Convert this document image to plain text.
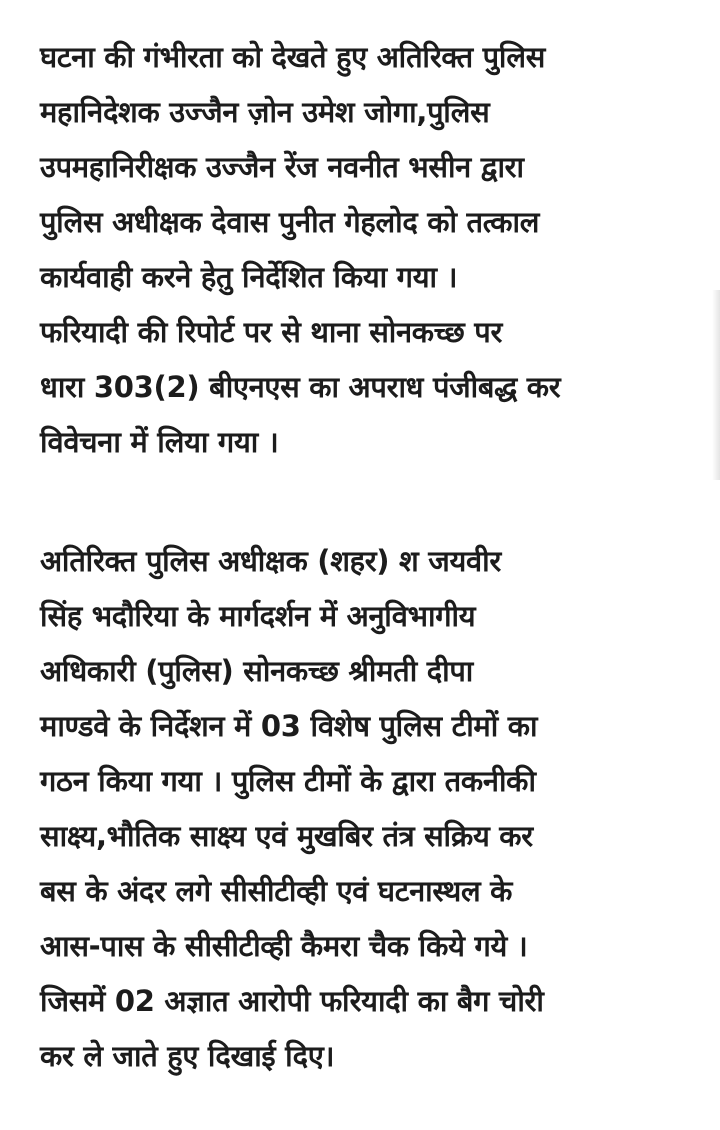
घटना की गंभीरता को देखते हुए अतिरिक्त पुलिस
महानिदेशक उज्जैन ज़ोन उमेश जोगा,पुलिस
उपमहानिरीक्षक उज्जैन रेंज नवनीत भसीन द्वारा
पुलिस अधीक्षक देवास पुनीत गेहलोद को तत्काल
कार्यवाही करने हेतु निर्देशित किया गया ।
फरियादी की रिपोर्ट पर से थाना सोनकच्छ पर
धारा 303(2) बीएनएस का अपराध पंजीबद्ध कर
विवेचना में लिया गया ।

अतिरिक्त पुलिस अधीक्षक (शहर) श जयवीर
सिंह भदौरिया के मार्गदर्शन में अनुविभागीय
अधिकारी (पुलिस) सोनकच्छ श्रीमती दीपा
माण्डवे के निर्देशन में 03 विशेष पुलिस टीमों का
गठन किया गया । पुलिस टीमों के द्वारा तकनीकी
साक्ष्य,भौतिक साक्ष्य एवं मुखबिर तंत्र सक्रिय कर
बस के अंदर लगे सीसीटीव्ही एवं घटनास्थल के
आस-पास के सीसीटीव्ही कैमरा चैक किये गये ।
जिसमें 02 अज्ञात आरोपी फरियादी का बैग चोरी
कर ले जाते हुए दिखाई दिए।
